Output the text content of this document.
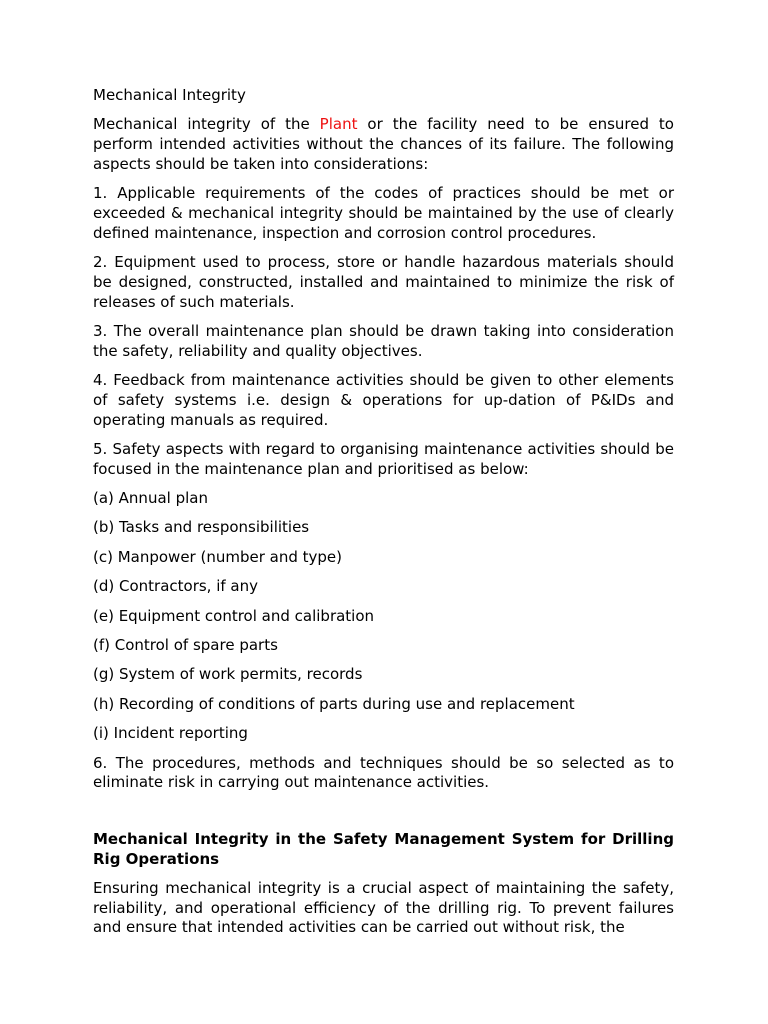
Mechanical Integrity

Mechanical integrity of the Plant or the facility need to be ensured to perform intended activities without the chances of its failure. The following aspects should be taken into considerations:

1. Applicable requirements of the codes of practices should be met or exceeded & mechanical integrity should be maintained by the use of clearly defined maintenance, inspection and corrosion control procedures.

2. Equipment used to process, store or handle hazardous materials should be designed, constructed, installed and maintained to minimize the risk of releases of such materials.

3. The overall maintenance plan should be drawn taking into consideration the safety, reliability and quality objectives.

4. Feedback from maintenance activities should be given to other elements of safety systems i.e. design & operations for up-dation of P&IDs and operating manuals as required.

5. Safety aspects with regard to organising maintenance activities should be focused in the maintenance plan and prioritised as below:

(a) Annual plan

(b) Tasks and responsibilities

(c) Manpower (number and type)

(d) Contractors, if any

(e) Equipment control and calibration

(f) Control of spare parts

(g) System of work permits, records

(h) Recording of conditions of parts during use and replacement

(i) Incident reporting

6. The procedures, methods and techniques should be so selected as to eliminate risk in carrying out maintenance activities.

Mechanical Integrity in the Safety Management System for Drilling Rig Operations

Ensuring mechanical integrity is a crucial aspect of maintaining the safety, reliability, and operational efficiency of the drilling rig. To prevent failures and ensure that intended activities can be carried out without risk, the
